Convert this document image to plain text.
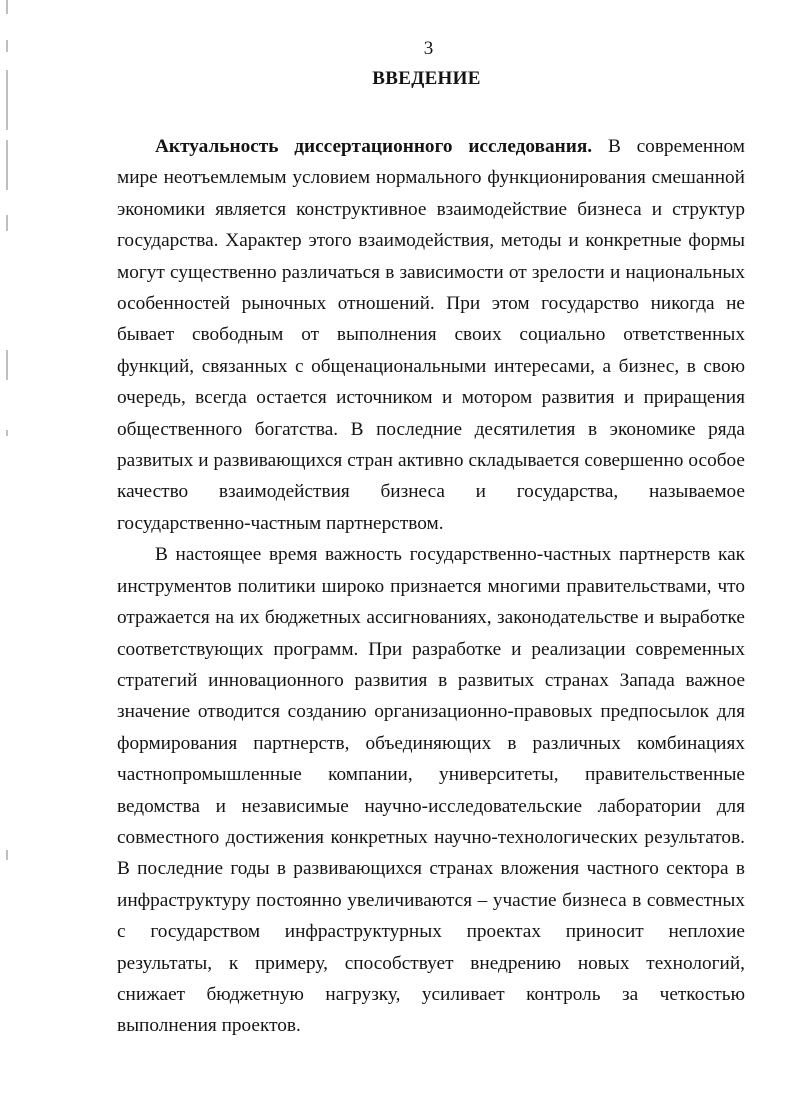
3
ВВЕДЕНИЕ

Актуальность диссертационного исследования. В современном мире неотъемлемым условием нормального функционирования смешанной экономики является конструктивное взаимодействие бизнеса и структур государства. Характер этого взаимодействия, методы и конкретные формы могут существенно различаться в зависимости от зрелости и национальных особенностей рыночных отношений. При этом государство никогда не бывает свободным от выполнения своих социально ответственных функций, связанных с общенациональными интересами, а бизнес, в свою очередь, всегда остается источником и мотором развития и приращения общественного богатства. В последние десятилетия в экономике ряда развитых и развивающихся стран активно складывается совершенно особое качество взаимодействия бизнеса и государства, называемое государственно-частным партнерством.

В настоящее время важность государственно-частных партнерств как инструментов политики широко признается многими правительствами, что отражается на их бюджетных ассигнованиях, законодательстве и выработке соответствующих программ. При разработке и реализации современных стратегий инновационного развития в развитых странах Запада важное значение отводится созданию организационно-правовых предпосылок для формирования партнерств, объединяющих в различных комбинациях частнопромышленные компании, университеты, правительственные ведомства и независимые научно-исследовательские лаборатории для совместного достижения конкретных научно-технологических результатов. В последние годы в развивающихся странах вложения частного сектора в инфраструктуру постоянно увеличиваются – участие бизнеса в совместных с государством инфраструктурных проектах приносит неплохие результаты, к примеру, способствует внедрению новых технологий, снижает бюджетную нагрузку, усиливает контроль за четкостью выполнения проектов.
